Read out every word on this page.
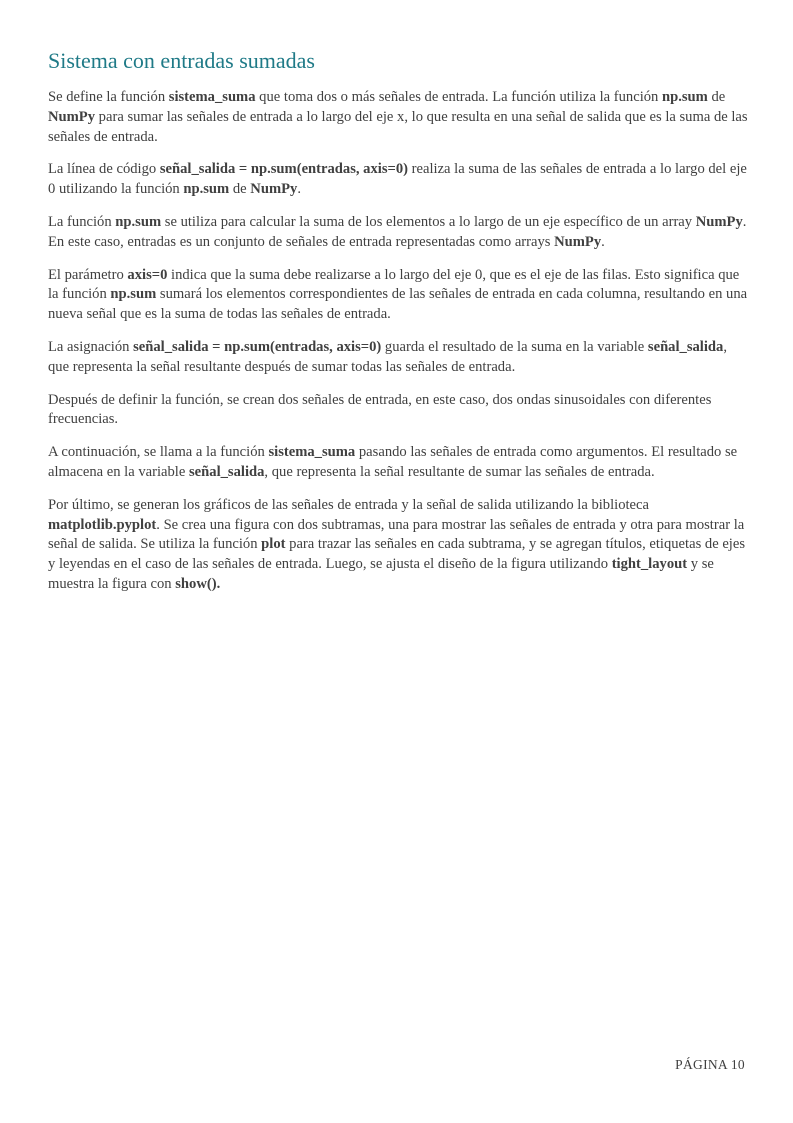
Sistema con entradas sumadas

Se define la función sistema_suma que toma dos o más señales de entrada. La función utiliza la función np.sum de NumPy para sumar las señales de entrada a lo largo del eje x, lo que resulta en una señal de salida que es la suma de las señales de entrada.

La línea de código señal_salida = np.sum(entradas, axis=0) realiza la suma de las señales de entrada a lo largo del eje 0 utilizando la función np.sum de NumPy.

La función np.sum se utiliza para calcular la suma de los elementos a lo largo de un eje específico de un array NumPy. En este caso, entradas es un conjunto de señales de entrada representadas como arrays NumPy.

El parámetro axis=0 indica que la suma debe realizarse a lo largo del eje 0, que es el eje de las filas. Esto significa que la función np.sum sumará los elementos correspondientes de las señales de entrada en cada columna, resultando en una nueva señal que es la suma de todas las señales de entrada.

La asignación señal_salida = np.sum(entradas, axis=0) guarda el resultado de la suma en la variable señal_salida, que representa la señal resultante después de sumar todas las señales de entrada.

Después de definir la función, se crean dos señales de entrada, en este caso, dos ondas sinusoidales con diferentes frecuencias.

A continuación, se llama a la función sistema_suma pasando las señales de entrada como argumentos. El resultado se almacena en la variable señal_salida, que representa la señal resultante de sumar las señales de entrada.

Por último, se generan los gráficos de las señales de entrada y la señal de salida utilizando la biblioteca matplotlib.pyplot. Se crea una figura con dos subtramas, una para mostrar las señales de entrada y otra para mostrar la señal de salida. Se utiliza la función plot para trazar las señales en cada subtrama, y se agregan títulos, etiquetas de ejes y leyendas en el caso de las señales de entrada. Luego, se ajusta el diseño de la figura utilizando tight_layout y se muestra la figura con show().

PÁGINA 10
